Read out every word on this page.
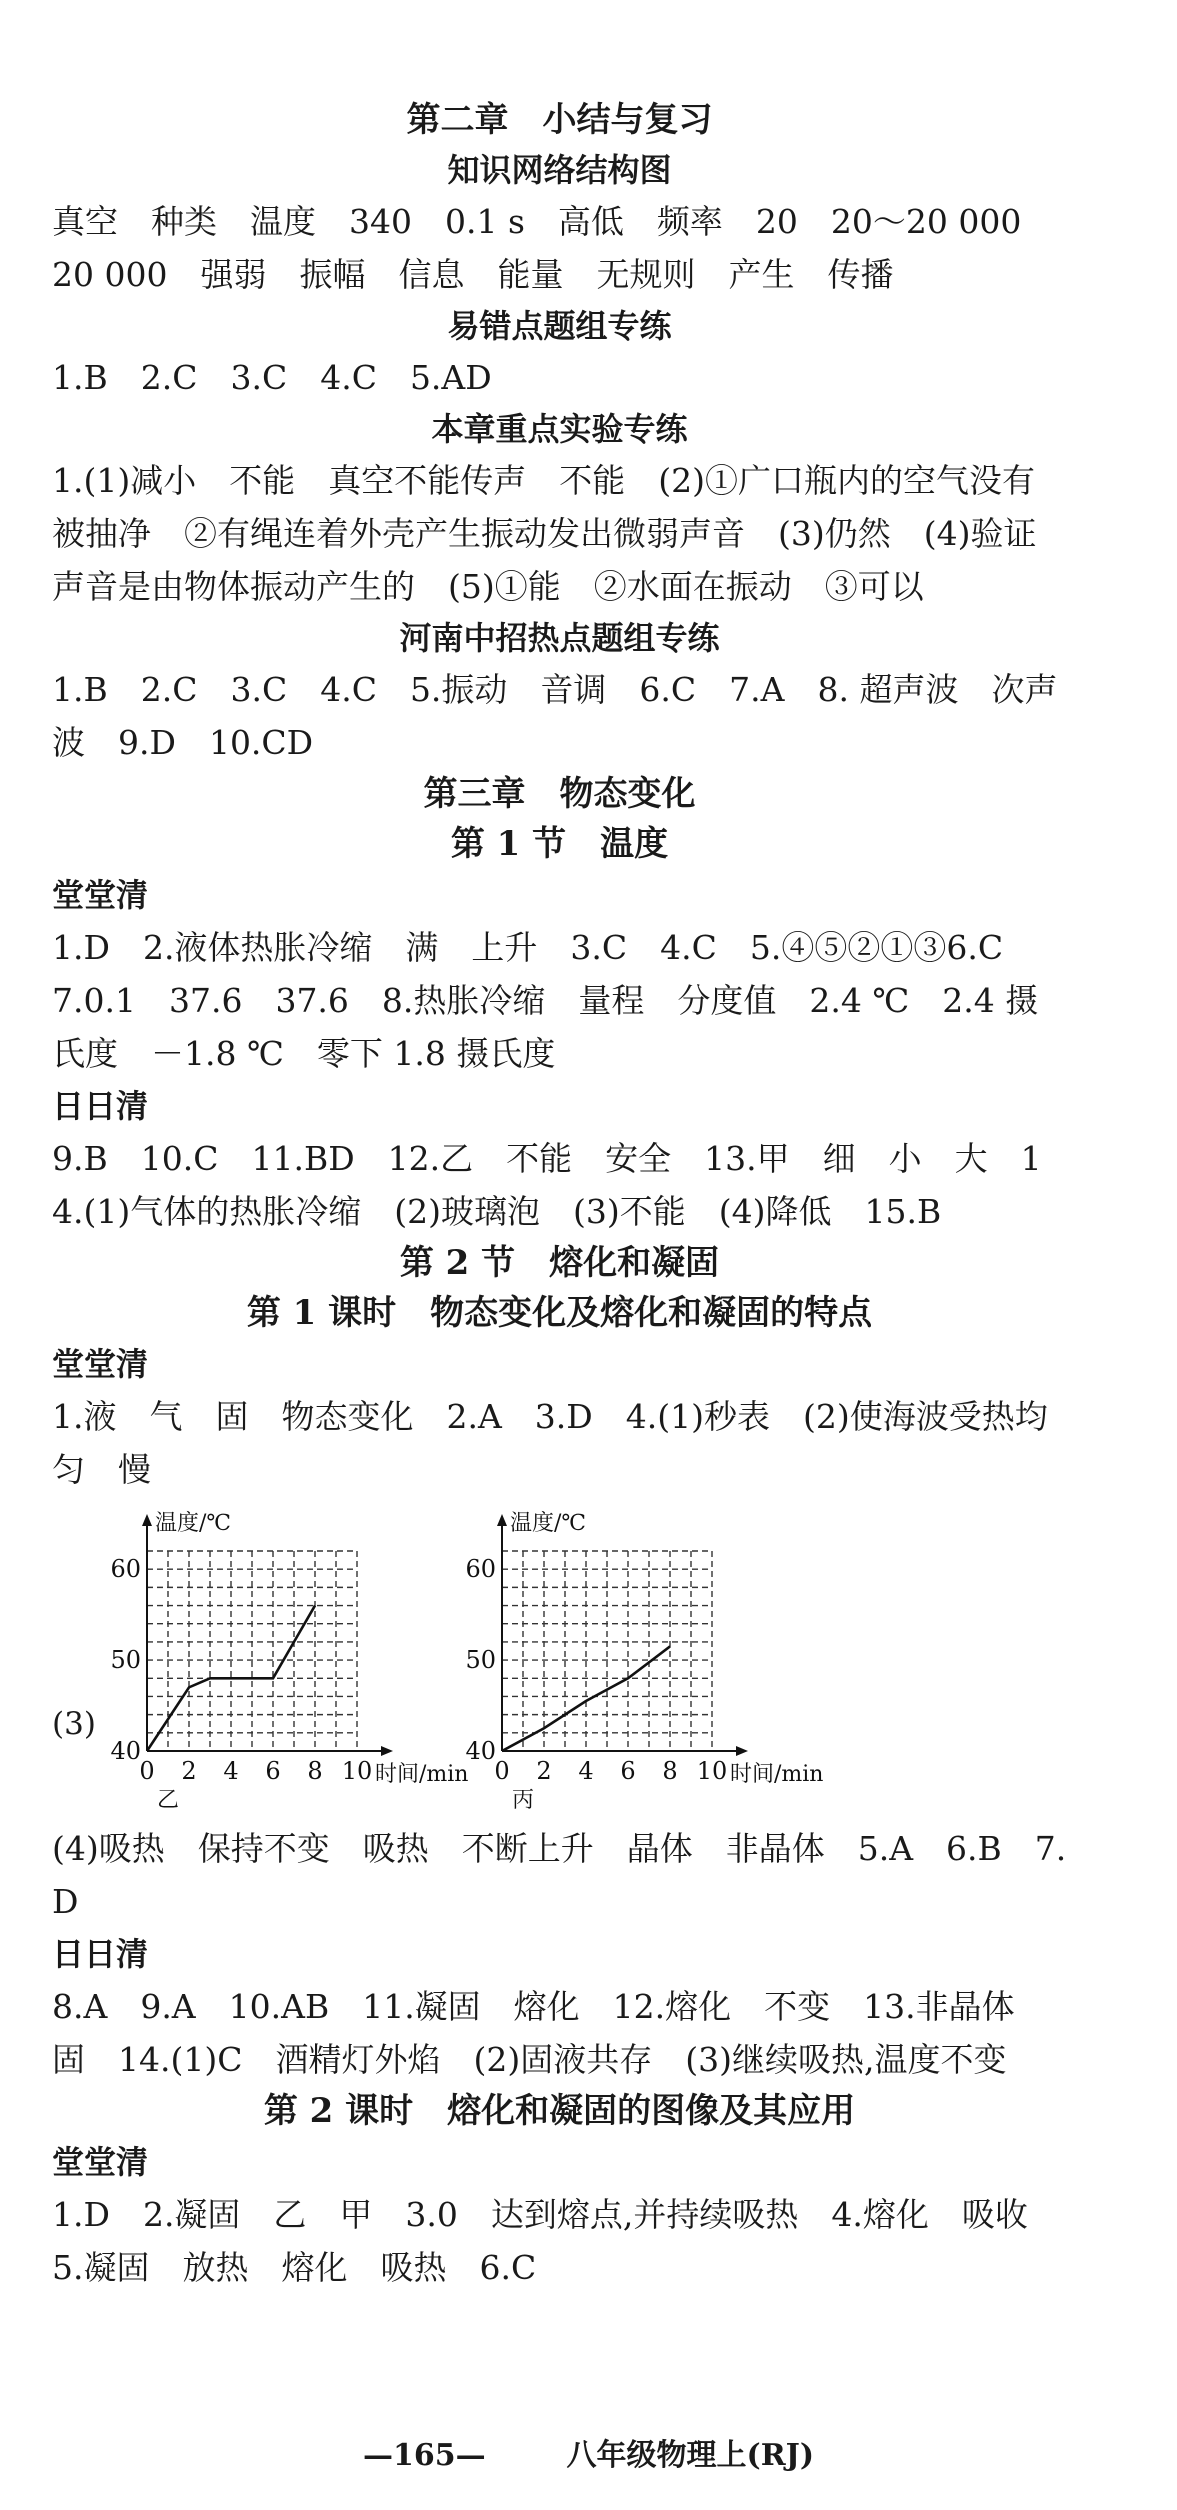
第二章　小结与复习
知识网络结构图
真空　种类　温度　340　0.1 s　高低　频率　20　20～20 000　20 000　强弱　振幅　信息　能量　无规则　产生　传播
易错点题组专练
1.B　2.C　3.C　4.C　5.AD
本章重点实验专练
1.(1)减小　不能　真空不能传声　不能　(2)①广口瓶内的空气没有被抽净　②有绳连着外壳产生振动发出微弱声音　(3)仍然　(4)验证声音是由物体振动产生的　(5)①能　②水面在振动　③可以
河南中招热点题组专练
1.B　2.C　3.C　4.C　5.振动　音调　6.C　7.A　8. 超声波　次声波　9.D　10.CD
第三章　物态变化
第 1 节　温度
堂堂清
1.D　2.液体热胀冷缩　满　上升　3.C　4.C　5.④⑤②①③6.C　7.0.1　37.6　37.6　8.热胀冷缩　量程　分度值　2.4 ℃　2.4 摄氏度　－1.8 ℃　零下 1.8 摄氏度
日日清
9.B　10.C　11.BD　12.乙　不能　安全　13.甲　细　小　大　14.(1)气体的热胀冷缩　(2)玻璃泡　(3)不能　(4)降低　15.B
第 2 节　熔化和凝固
第 1 课时　物态变化及熔化和凝固的特点
堂堂清
1.液　气　固　物态变化　2.A　3.D　4.(1)秒表　(2)使海波受热均匀　慢
(3)
温度/℃
40
50
60
0 2 4 6 8 10 时间/min
乙
温度/℃
40
50
60
0 2 4 6 8 10 时间/min
丙
(4)吸热　保持不变　吸热　不断上升　晶体　非晶体　5.A　6.B　7.D
日日清
8.A　9.A　10.AB　11.凝固　熔化　12.熔化　不变　13.非晶体　固　14.(1)C　酒精灯外焰　(2)固液共存　(3)继续吸热,温度不变
第 2 课时　熔化和凝固的图像及其应用
堂堂清
1.D　2.凝固　乙　甲　3.0　达到熔点,并持续吸热　4.熔化　吸收　5.凝固　放热　熔化　吸热　6.C
—165—	八年级物理上(RJ)
